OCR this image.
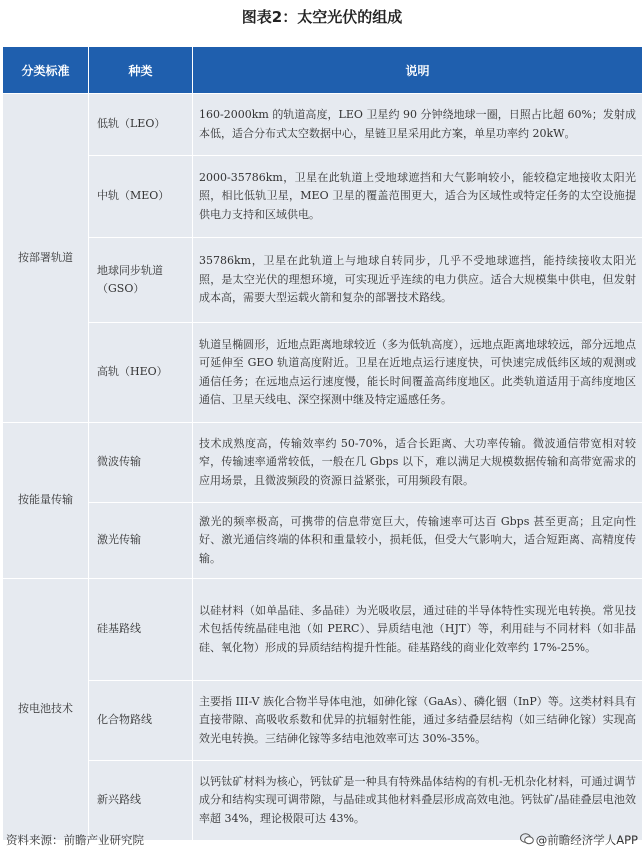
图表2：太空光伏的组成
分类标准	种类	说明
按部署轨道	低轨（LEO）	160-2000km 的轨道高度，LEO 卫星约 90 分钟绕地球一圈，日照占比超 60%；发射成本低，适合分布式太空数据中心，星链卫星采用此方案，单星功率约 20kW。
	中轨（MEO）	2000-35786km，卫星在此轨道上受地球遮挡和大气影响较小，能较稳定地接收太阳光照，相比低轨卫星，MEO 卫星的覆盖范围更大，适合为区域性或特定任务的太空设施提供电力支持和区域供电。
	地球同步轨道（GSO）	35786km，卫星在此轨道上与地球自转同步，几乎不受地球遮挡，能持续接收太阳光照，是太空光伏的理想环境，可实现近乎连续的电力供应。适合大规模集中供电，但发射成本高，需要大型运载火箭和复杂的部署技术路线。
	高轨（HEO）	轨道呈椭圆形，近地点距离地球较近（多为低轨高度），远地点距离地球较远，部分远地点可延伸至 GEO 轨道高度附近。卫星在近地点运行速度快，可快速完成低纬区域的观测或通信任务；在远地点运行速度慢，能长时间覆盖高纬度地区。此类轨道适用于高纬度地区通信、卫星天线电、深空探测中继及特定遥感任务。
按能量传输	微波传输	技术成熟度高，传输效率约 50-70%，适合长距离、大功率传输。微波通信带宽相对较窄，传输速率通常较低，一般在几 Gbps 以下，难以满足大规模数据传输和高带宽需求的应用场景，且微波频段的资源日益紧张，可用频段有限。
	激光传输	激光的频率极高，可携带的信息带宽巨大，传输速率可达百 Gbps 甚至更高；且定向性好、激光通信终端的体积和重量较小，损耗低，但受大气影响大，适合短距离、高精度传输。
按电池技术	硅基路线	以硅材料（如单晶硅、多晶硅）为光吸收层，通过硅的半导体特性实现光电转换。常见技术包括传统晶硅电池（如 PERC）、异质结电池（HJT）等，利用硅与不同材料（如非晶硅、氧化物）形成的异质结结构提升性能。硅基路线的商业化效率约 17%-25%。
	化合物路线	主要指 III-V 族化合物半导体电池，如砷化镓（GaAs）、磷化铟（InP）等。这类材料具有直接带隙、高吸收系数和优异的抗辐射性能，通过多结叠层结构（如三结砷化镓）实现高效光电转换。三结砷化镓等多结电池效率可达 30%-35%。
	新兴路线	以钙钛矿材料为核心，钙钛矿是一种具有特殊晶体结构的有机-无机杂化材料，可通过调节成分和结构实现可调带隙，与晶硅或其他材料叠层形成高效电池。钙钛矿/晶硅叠层电池效率超 34%，理论极限可达 43%。
资料来源：前瞻产业研究院	@前瞻经济学人APP
